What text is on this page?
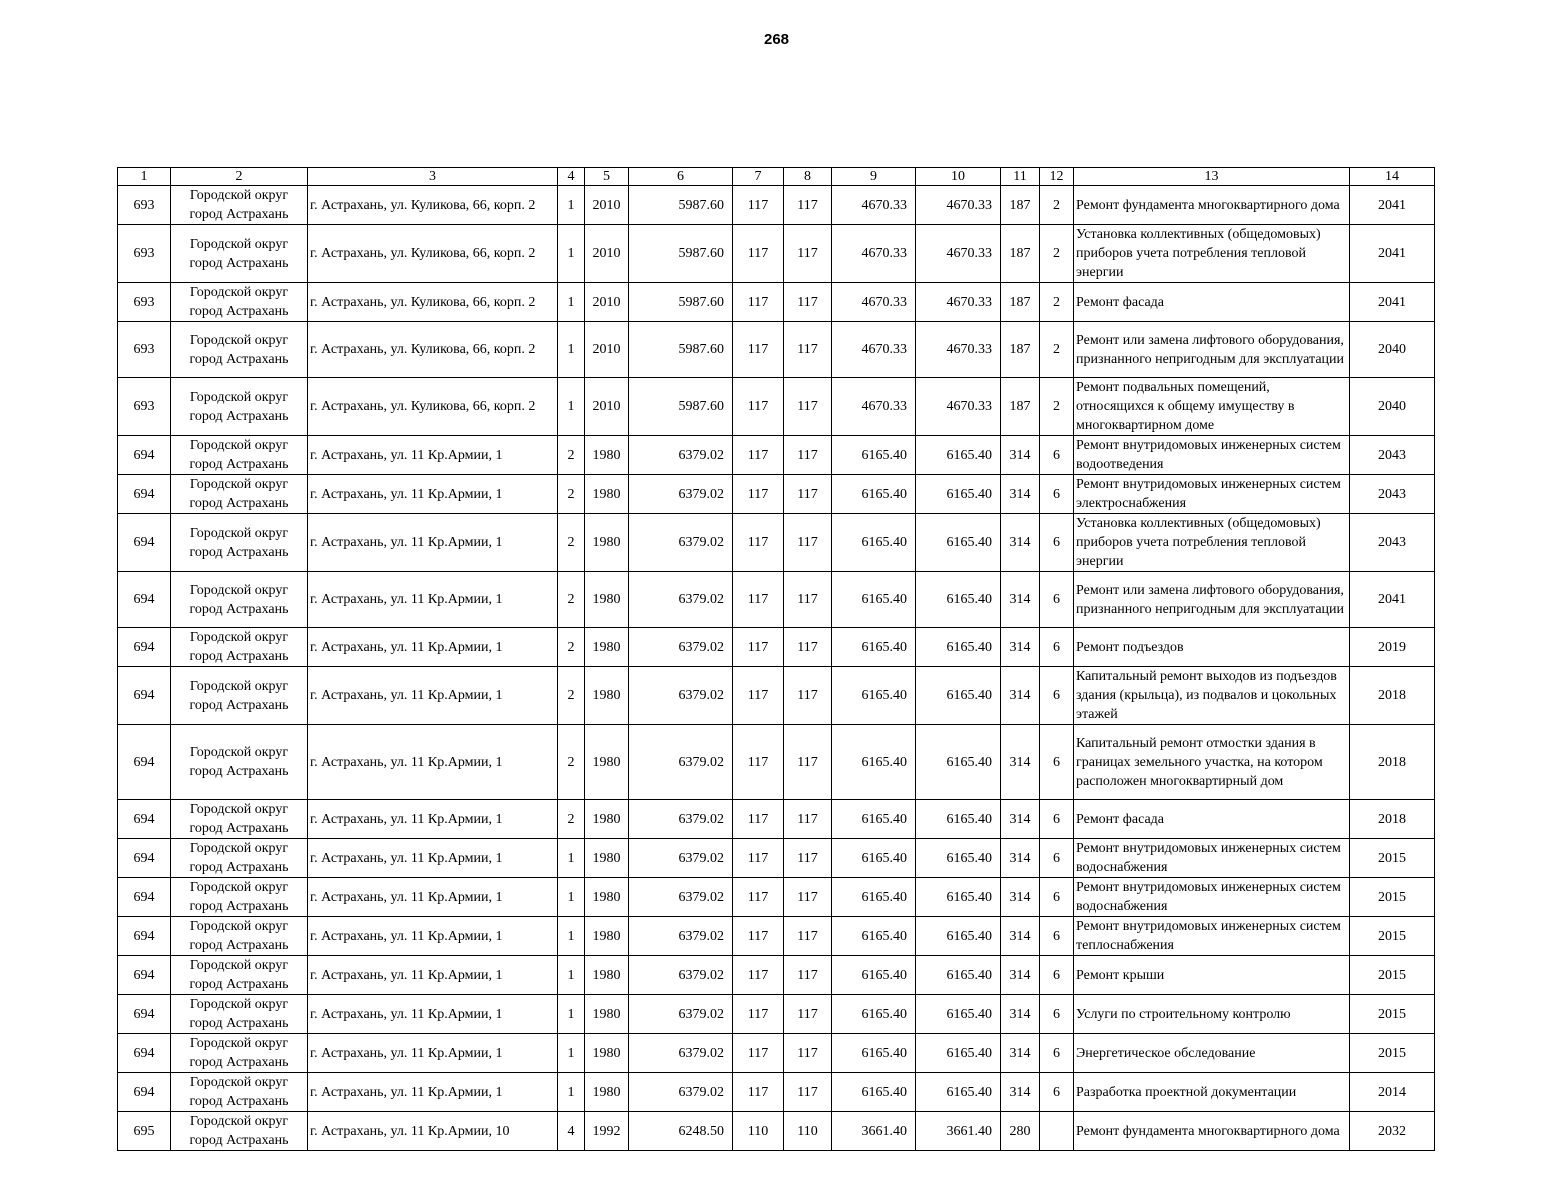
268
1	2	3	4	5	6	7	8	9	10	11	12	13	14
693	Городской округ город Астрахань	г. Астрахань, ул. Куликова, 66, корп. 2	1	2010	5987.60	117	117	4670.33	4670.33	187	2	Ремонт фундамента многоквартирного дома	2041
693	Городской округ город Астрахань	г. Астрахань, ул. Куликова, 66, корп. 2	1	2010	5987.60	117	117	4670.33	4670.33	187	2	Установка коллективных (общедомовых) приборов учета потребления тепловой энергии	2041
693	Городской округ город Астрахань	г. Астрахань, ул. Куликова, 66, корп. 2	1	2010	5987.60	117	117	4670.33	4670.33	187	2	Ремонт фасада	2041
693	Городской округ город Астрахань	г. Астрахань, ул. Куликова, 66, корп. 2	1	2010	5987.60	117	117	4670.33	4670.33	187	2	Ремонт или замена лифтового оборудования, признанного непригодным для эксплуатации	2040
693	Городской округ город Астрахань	г. Астрахань, ул. Куликова, 66, корп. 2	1	2010	5987.60	117	117	4670.33	4670.33	187	2	Ремонт подвальных помещений, относящихся к общему имуществу в многоквартирном доме	2040
694	Городской округ город Астрахань	г. Астрахань, ул. 11 Кр.Армии, 1	2	1980	6379.02	117	117	6165.40	6165.40	314	6	Ремонт внутридомовых инженерных систем водоотведения	2043
694	Городской округ город Астрахань	г. Астрахань, ул. 11 Кр.Армии, 1	2	1980	6379.02	117	117	6165.40	6165.40	314	6	Ремонт внутридомовых инженерных систем электроснабжения	2043
694	Городской округ город Астрахань	г. Астрахань, ул. 11 Кр.Армии, 1	2	1980	6379.02	117	117	6165.40	6165.40	314	6	Установка коллективных (общедомовых) приборов учета потребления тепловой энергии	2043
694	Городской округ город Астрахань	г. Астрахань, ул. 11 Кр.Армии, 1	2	1980	6379.02	117	117	6165.40	6165.40	314	6	Ремонт или замена лифтового оборудования, признанного непригодным для эксплуатации	2041
694	Городской округ город Астрахань	г. Астрахань, ул. 11 Кр.Армии, 1	2	1980	6379.02	117	117	6165.40	6165.40	314	6	Ремонт подъездов	2019
694	Городской округ город Астрахань	г. Астрахань, ул. 11 Кр.Армии, 1	2	1980	6379.02	117	117	6165.40	6165.40	314	6	Капитальный ремонт выходов из подъездов здания (крыльца), из подвалов и цокольных этажей	2018
694	Городской округ город Астрахань	г. Астрахань, ул. 11 Кр.Армии, 1	2	1980	6379.02	117	117	6165.40	6165.40	314	6	Капитальный ремонт отмостки здания в границах земельного участка, на котором расположен многоквартирный дом	2018
694	Городской округ город Астрахань	г. Астрахань, ул. 11 Кр.Армии, 1	2	1980	6379.02	117	117	6165.40	6165.40	314	6	Ремонт фасада	2018
694	Городской округ город Астрахань	г. Астрахань, ул. 11 Кр.Армии, 1	1	1980	6379.02	117	117	6165.40	6165.40	314	6	Ремонт внутридомовых инженерных систем водоснабжения	2015
694	Городской округ город Астрахань	г. Астрахань, ул. 11 Кр.Армии, 1	1	1980	6379.02	117	117	6165.40	6165.40	314	6	Ремонт внутридомовых инженерных систем водоснабжения	2015
694	Городской округ город Астрахань	г. Астрахань, ул. 11 Кр.Армии, 1	1	1980	6379.02	117	117	6165.40	6165.40	314	6	Ремонт внутридомовых инженерных систем теплоснабжения	2015
694	Городской округ город Астрахань	г. Астрахань, ул. 11 Кр.Армии, 1	1	1980	6379.02	117	117	6165.40	6165.40	314	6	Ремонт крыши	2015
694	Городской округ город Астрахань	г. Астрахань, ул. 11 Кр.Армии, 1	1	1980	6379.02	117	117	6165.40	6165.40	314	6	Услуги по строительному контролю	2015
694	Городской округ город Астрахань	г. Астрахань, ул. 11 Кр.Армии, 1	1	1980	6379.02	117	117	6165.40	6165.40	314	6	Энергетическое обследование	2015
694	Городской округ город Астрахань	г. Астрахань, ул. 11 Кр.Армии, 1	1	1980	6379.02	117	117	6165.40	6165.40	314	6	Разработка проектной документации	2014
695	Городской округ город Астрахань	г. Астрахань, ул. 11 Кр.Армии, 10	4	1992	6248.50	110	110	3661.40	3661.40	280		Ремонт фундамента многоквартирного дома	2032
